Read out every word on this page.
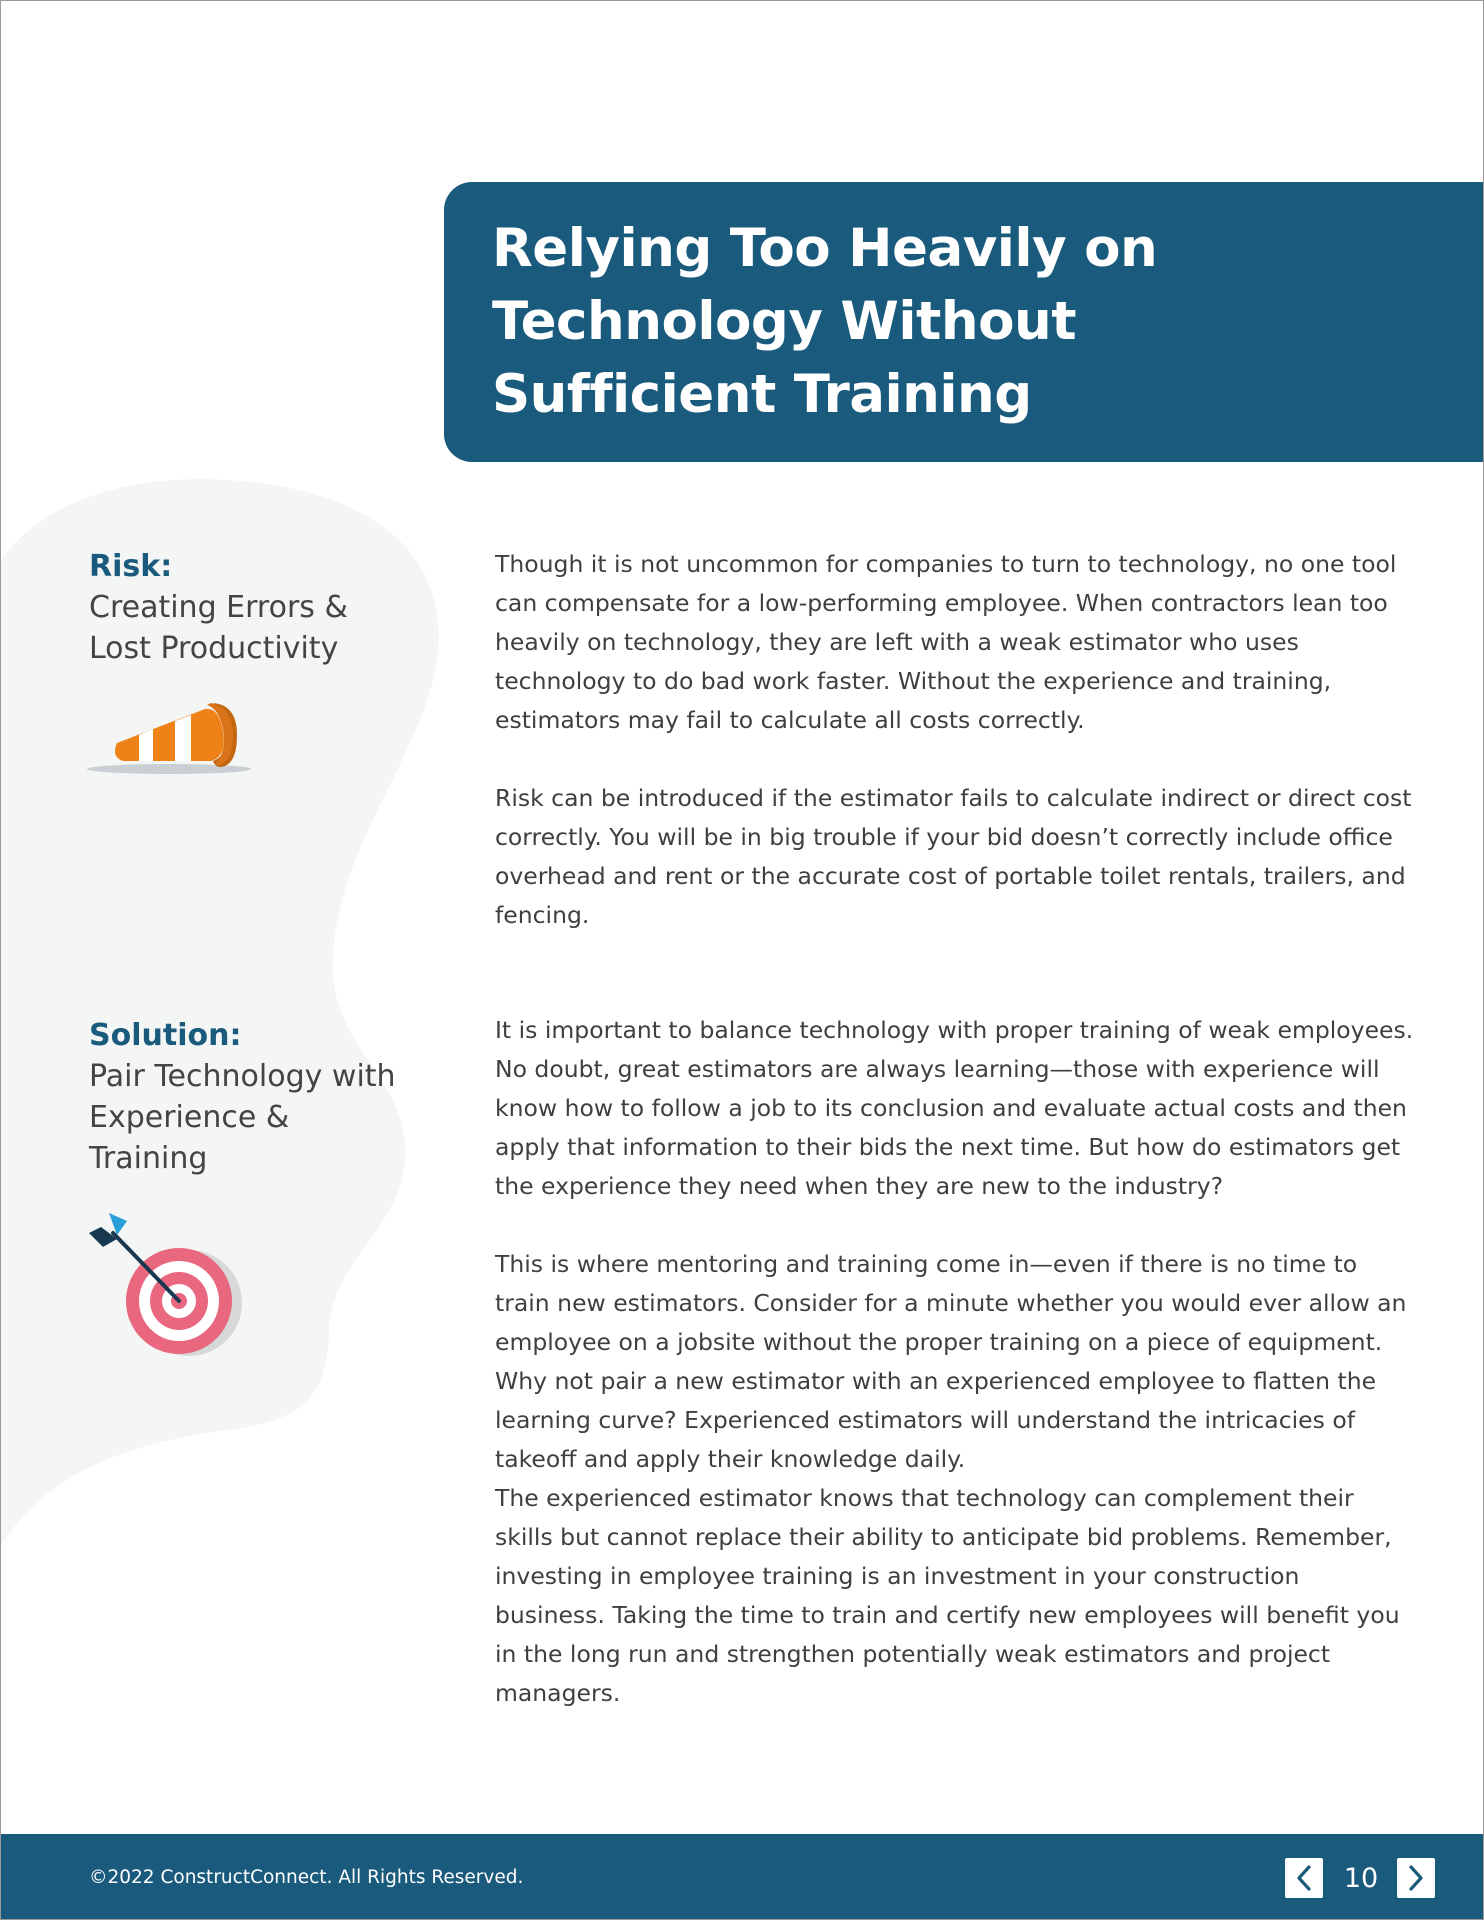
Relying Too Heavily on Technology Without Sufficient Training
Risk:
Creating Errors & Lost Productivity

Though it is not uncommon for companies to turn to technology, no one tool can compensate for a low-performing employee. When contractors lean too heavily on technology, they are left with a weak estimator who uses technology to do bad work faster. Without the experience and training, estimators may fail to calculate all costs correctly.

Risk can be introduced if the estimator fails to calculate indirect or direct cost correctly. You will be in big trouble if your bid doesn’t correctly include office overhead and rent or the accurate cost of portable toilet rentals, trailers, and fencing.

Solution:
Pair Technology with Experience & Training

It is important to balance technology with proper training of weak employees. No doubt, great estimators are always learning—those with experience will know how to follow a job to its conclusion and evaluate actual costs and then apply that information to their bids the next time. But how do estimators get the experience they need when they are new to the industry?

This is where mentoring and training come in—even if there is no time to train new estimators. Consider for a minute whether you would ever allow an employee on a jobsite without the proper training on a piece of equipment. Why not pair a new estimator with an experienced employee to flatten the learning curve? Experienced estimators will understand the intricacies of takeoff and apply their knowledge daily.

The experienced estimator knows that technology can complement their skills but cannot replace their ability to anticipate bid problems. Remember, investing in employee training is an investment in your construction business. Taking the time to train and certify new employees will benefit you in the long run and strengthen potentially weak estimators and project managers.

©2022 ConstructConnect. All Rights Reserved.	10
